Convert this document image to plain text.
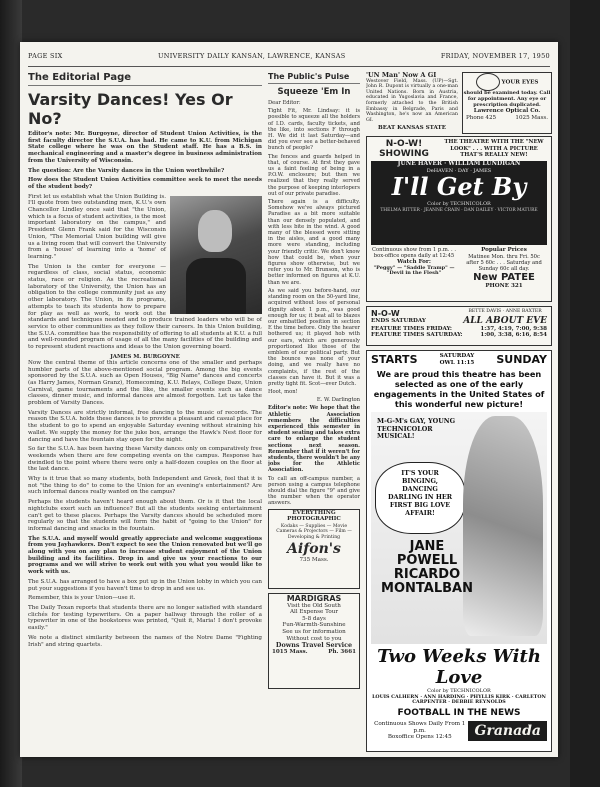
PAGE SIX	UNIVERSITY DAILY KANSAN, LAWRENCE, KANSAS	FRIDAY, NOVEMBER 17, 1950
The Editorial Page
Varsity Dances! Yes Or No?

Editor's note: Mr. Burgoyne, director of Student Union Activities, is the first faculty director the S.U.A. has had. He came to K.U. from Michigan State college where he was on the Student staff. He has a B.S. in mechanical engineering and a master's degree in business administration from the University of Wisconsin.

The question: Are the Varsity dances in the Union worthwhile?

How does the Student Union Activities committee seek to meet the needs of the student body?

First let us establish what the Union Building is. I'll quote from two outstanding men, K.U.'s own Chancellor Lindley once said that "the Union, which is a focus of student activities, is the most important laboratory on the campus," and President Glenn Frank said for the Wisconsin Union, "The Memorial Union building will give us a living room that will convert the University from a 'house' of learning into a 'home' of learning."

The Union is the center for everyone — regardless of class, social status, economic status, race or religion. As the recreational laboratory of the University, the Union has an obligation to the college community just as any other laboratory. The Union, in its programs, attempts to teach its students how to prepare for play as well as work, to work out the standards and techniques needed and to produce trained leaders who will be of service to other communities as they follow their careers. In this Union building, the S.U.A. committee has the responsibility of offering to all students at K.U. a full and well-rounded program of usage of all the many facilities of the building and to represent student reactions and ideas to the Union governing board.

JAMES M. BURGOYNE

Now the central theme of this article concerns one of the smaller and perhaps humbler parts of the above-mentioned social program. Among the big events sponsored by the S.U.A. such as Open Houses, "Big Name" dances and concerts (as Harry James, Norman Granz), Homecoming, K.U. Relays, College Daze, Union Carnival, game tournaments and the like, the smaller events such as dance classes, dinner music, and informal dances are almost forgotten. Let us take the problem of Varsity Dances.

Varsity Dances are strictly informal, free dancing to the music of records. The reason the S.U.A. holds these dances is to provide a pleasant and casual place for the student to go to spend an enjoyable Saturday evening without straining his wallet. We supply the money for the juke box, arrange the Hawk's Nest floor for dancing and have the fountain stay open for the night.

So far the S.U.A. has been having these Varsity dances only on comparatively free weekends when there are few competing events on the campus. Response has dwindled to the point where there were only a half-dozen couples on the floor at the last dance.

Why is it true that so many students, both Independent and Greek, feel that it is not "the thing to do" to come to the Union for an evening's entertainment? Are such informal dances really wanted on the campus?

Perhaps the students haven't heard enough about them. Or is it that the local nightclubs exert such an influence? But all the students seeking entertainment can't get to these places. Perhaps the Varsity dances should be scheduled more regularly so that the students will form the habit of "going to the Union" for informal dancing and snacks in the fountain.

The S.U.A. and myself would greatly appreciate and welcome suggestions from you Jayhawkers. Don't expect to see the Union renovated but we'll go along with you on any plan to increase student enjoyment of the Union building and its facilities. Drop in and give us your reactions to our programs and we will strive to work out with you what you would like to work with us.

The S.U.A. has arranged to have a box put up in the Union lobby in which you can put your suggestions if you haven't time to drop in and see us.

Remember, this is your Union—use it.

The Daily Texan reports that students there are no longer satisfied with standard clichés for testing typewriters. On a paper hallway through the roller of a typewriter in one of the bookstores was printed, "Quit it, Maria! I don't provoke easily."

We note a distinct similarity between the names of the Notre Dame "Fighting Irish" and string quartets.

The Public's Pulse
Squeeze 'Em In

Dear Editor:

Tight Fit, Mr. Lindsay: it is possible to squeeze all the holders of I.D. cards, faculty tickets, and the like, into sections F through H. We did it last Saturday—and did you ever see a better-behaved bunch of people?

The fences and guards helped in that, of course. At first they gave us a faint feeling of being in a P.O.W. enclosure; but then we realized that they really served the purpose of keeping interlopers out of our private paradise.

There again is a difficulty. Somehow we've always pictured Paradise as a bit more suitable than our densely populated, and with less bite in the wind. A good many of the blessed were sitting in the aisles, and a good many more were standing, including your friendly critic. We don't know how that could be, when your figures show otherwise, but we refer you to Mr. Brunson, who is better informed on figures at K.U. than we are.

As we said you before-hand, our standing room on the 50-yard line, acquired without loss of personal dignity about 1 p.m., was good enough for us; it beat all to blazes our embattled position in section E the time before. Only the hearer bothered us; it played hob with our ears, which are generously proportioned like those of the emblem of our political party. But the bounce was none of your doing, and we really have no complaints, if the rest of the classes can have it. But it was a pretty tight fit. Scot—ever Dutch.

Hoot, mon!

E. W. Darlington

Editor's note: We hope that the Athletic Association remembers the difficulties experienced this semester in student seating and takes extra care to enlarge the student sections next season. Remember that if it weren't for students, there wouldn't be any jobs for the Athletic Association.

To call an off-campus number, a person using a campus telephone should dial the figure "9" and give the number when the operator answers.

EVERYTHING
PHOTOGRAPHIC
Kodaks — Supplies — Movie Cameras & Projectors — Film — Developing & Printing
Aifon's
735 Mass.
MARDIGRAS
Visit the Old South
All Expense Tour
5-8 days
Fun-Warmth-Sunshine
See us for information
Without cost to you
Downs Travel Service
1015 Mass.	Ph. 3661
'UN Man' Now A GI
Westover Field, Mass. (UP)—Sgt. John R. Dupont is virtually a one-man United Nations. Born in Austria, educated in Yugoslavia and France, formerly attached to the British Embassy in Belgrade, Paris and Washington, he's now an American GI.
BEAT KANSAS STATE
YOUR EYES
should be examined today. Call for appointment. Any eye or prescription duplicated.
Lawrence Optical Co.
Phone 425	1025 Mass.
N-O-W!
SHOWING
THE THEATRE WITH THE "NEW LOOK" . . . WITH A PICTURE THAT'S REALLY NEW!
JUNE HAVER · WILLIAM LUNDIGAN
DeHAVEN · DAY · JAMES
I'll Get By
Color by TECHNICOLOR
THELMA RITTER · JEANNE CRAIN · DAN DAILEY · VICTOR MATURE
Continuous show from 1 p.m. . . box-office opens daily at 12:45
Watch For:
"Peggy" — "Saddle Tramp" — "Devil in the Flesh"
Popular Prices
Matinee Mon. thru Fri. 50c after 5 60c . . . Saturday and Sunday 60c all day.
New PATEE
PHONE 321
N-O-W
ENDS SATURDAY
BETTE DAVIS · ANNE BAXTER
ALL ABOUT EVE
FEATURE TIMES FRIDAY:	1:37, 4:19, 7:00, 9:38
FEATURE TIMES SATURDAY:	1:00, 3:38, 6:16, 8:54
STARTS	SATURDAY
OWL 11:15 SUNDAY
We are proud this theatre has been selected as one of the early engagements in the United States of this wonderful new picture!
M-G-M's GAY, YOUNG TECHNICOLOR MUSICAL!
IT'S YOUR BINGING, DANCING DARLING IN HER FIRST BIG LOVE AFFAIR!
JANE
POWELL
RICARDO
MONTALBAN
Two Weeks With Love
Color by TECHNICOLOR
LOUIS CALHERN · ANN HARDING · PHYLLIS KIRK · CARLETON CARPENTER · DEBBIE REYNOLDS
FOOTBALL IN THE NEWS
Continuous Shows Daily From 1 p.m.
Boxoffice Opens 12:45	Granada
